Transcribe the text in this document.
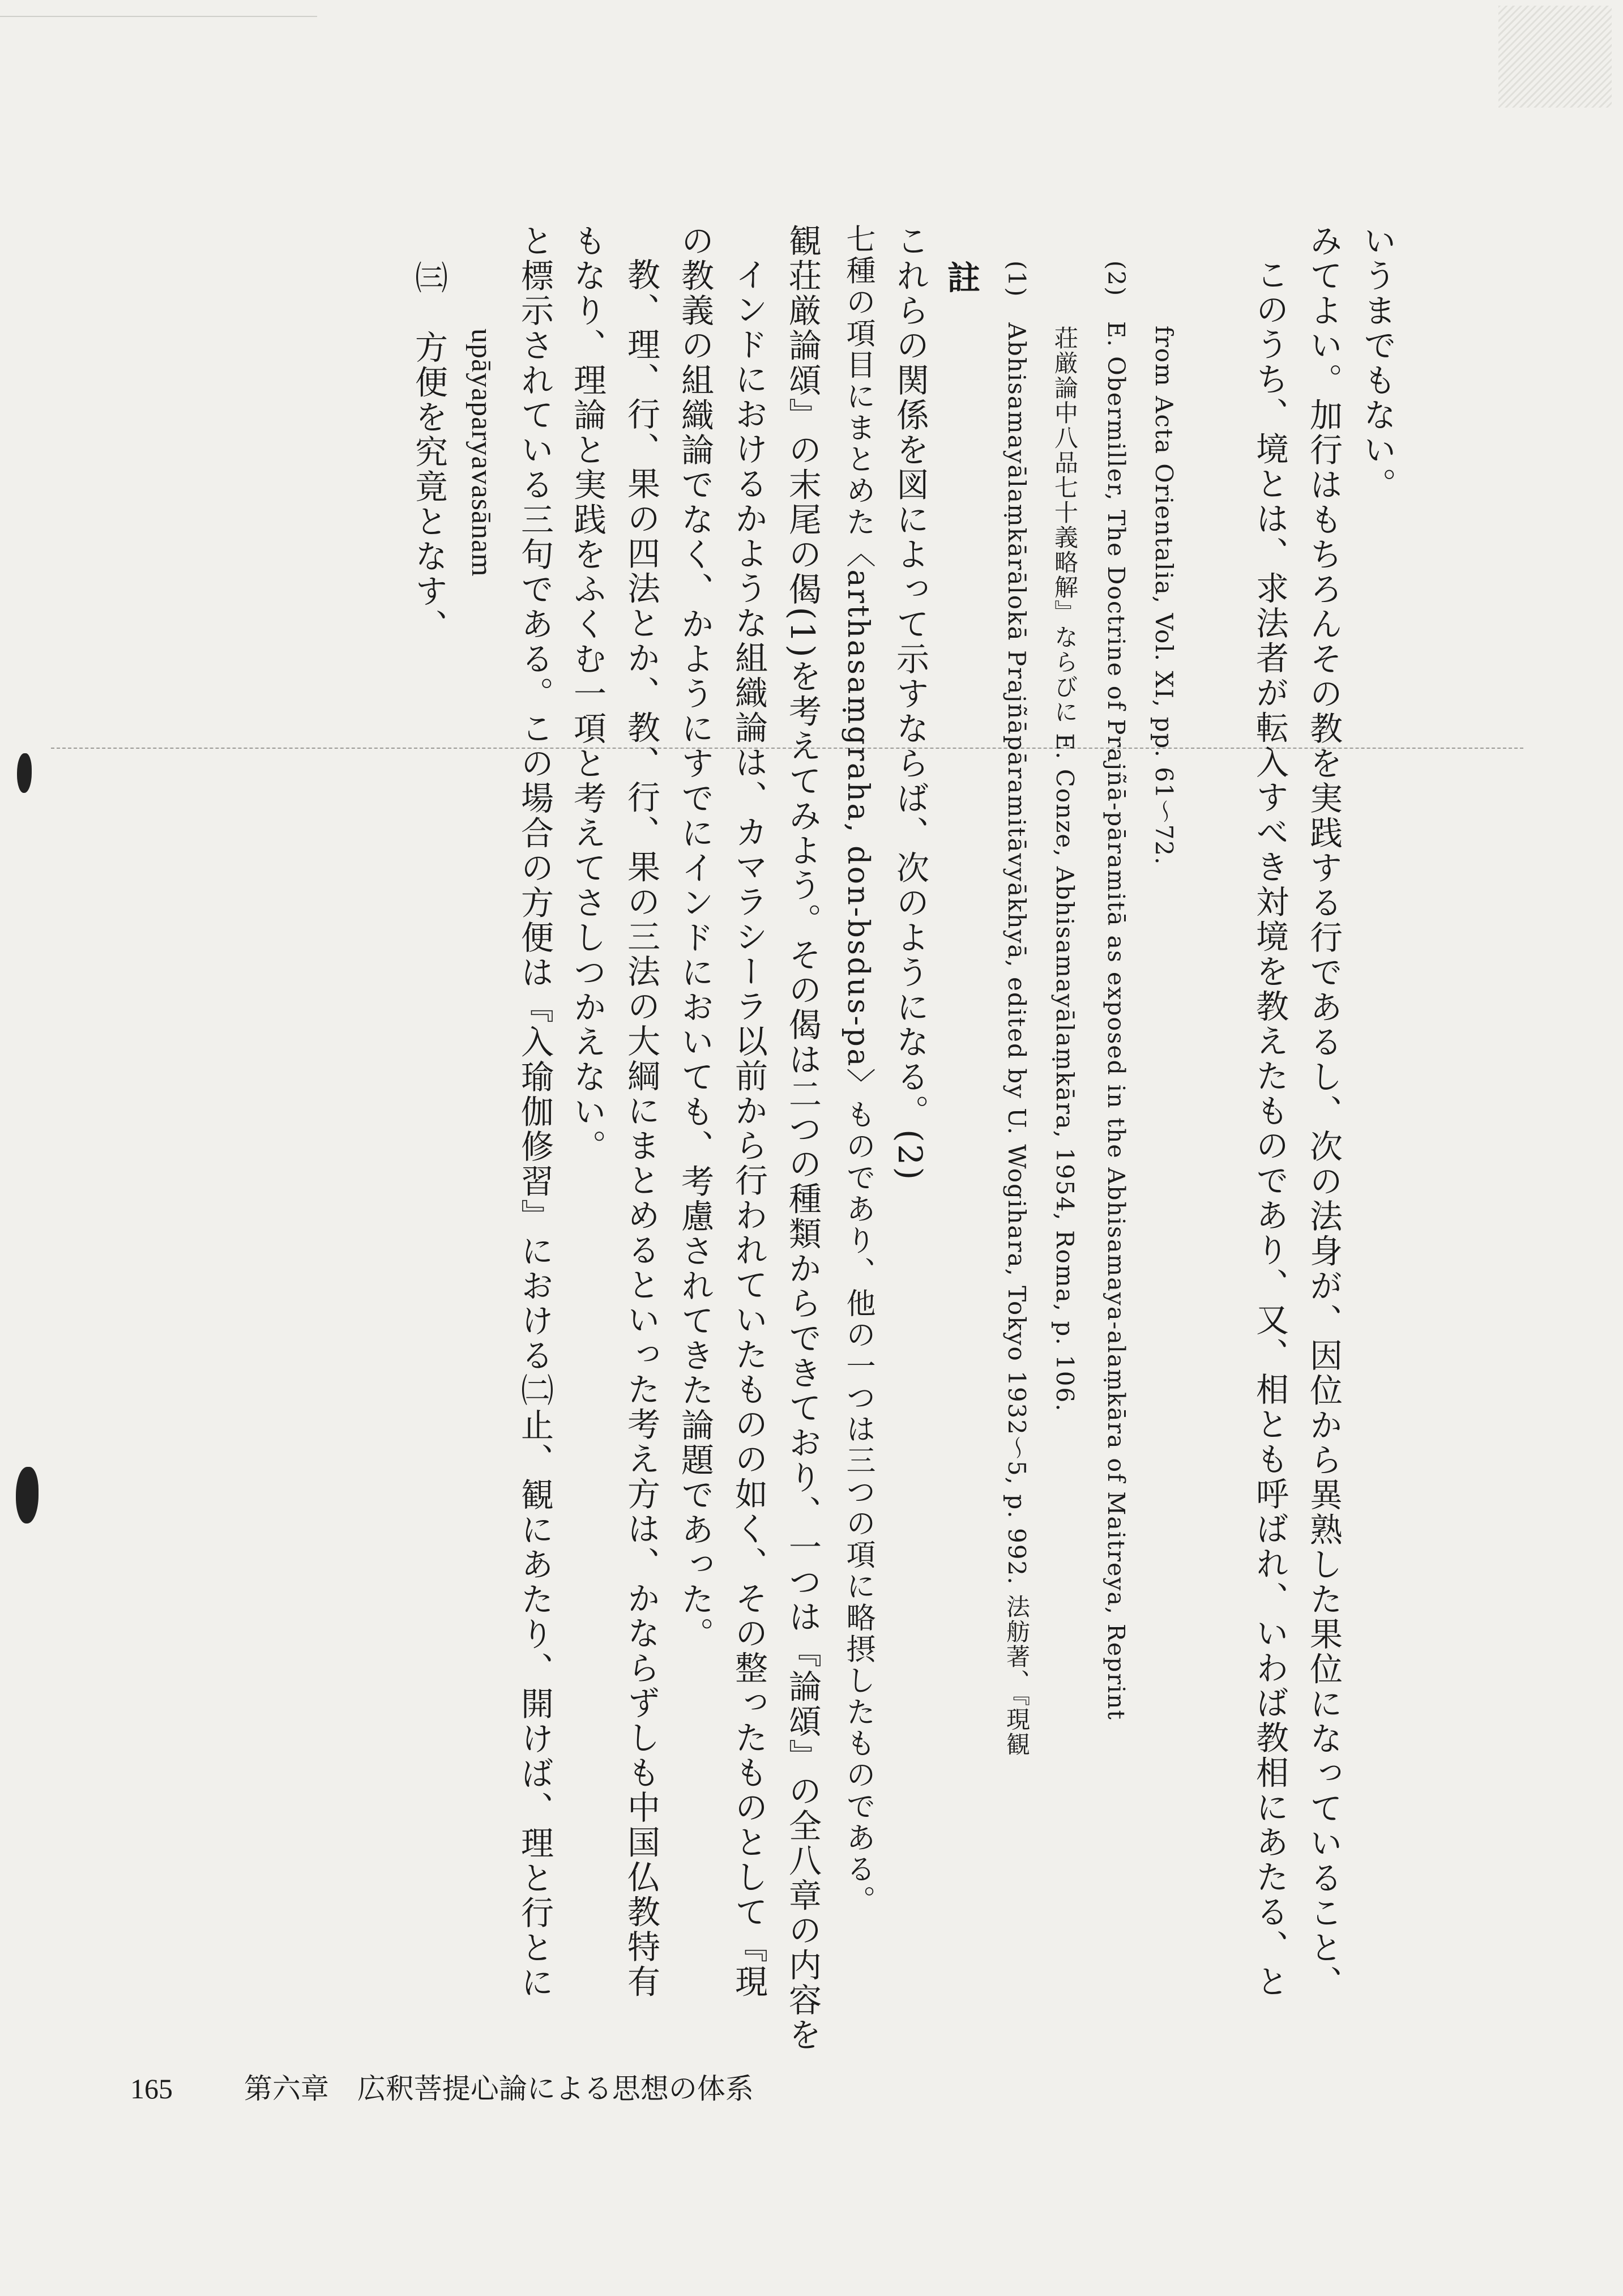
㈢　方便を究竟となす、 upāyaparyavasānam と標示されている三句である。この場合の方便は『入瑜伽修習』における㈡止、観にあたり、開けば、理と行とに もなり、理論と実践をふくむ一項と考えてさしつかえない。 教、理、行、果の四法とか、教、行、果の三法の大綱にまとめるといった考え方は、かならずしも中国仏教特有 の教義の組織論でなく、かようにすでにインドにおいても、考慮されてきた論題であった。 インドにおけるかような組織論は、カマラシーラ以前から行われていたものの如く、その整ったものとして『現 観荘厳論頌』の末尾の偈(1)を考えてみよう。その偈は二つの種類からできており、一つは『論頌』の全八章の内容を 七種の項目にまとめた〈arthasaṃgraha, don-bsdus-pa〉ものであり、他の一つは三つの項に略摂したものである。 これらの関係を図によって示すならば、次のようになる。(2) 註 (1)　Abhisamayālaṃkārālokā Prajñāpāramitāvyākhyā, edited by U. Wogihara, Tokyo 1932〜5, p. 992. 法舫著、『現観 荘厳論中八品七十義略解』ならびに E. Conze, Abhisamayālaṃkāra, 1954, Roma, p. 106. (2)　E. Obermiller, The Doctrine of Prajñā-pāramitā as exposed in the Abhisamaya-alaṃkāra of Maitreya, Reprint from Acta Orientalia, Vol. XI, pp. 61〜72. このうち、境とは、求法者が転入すべき対境を教えたものであり、又、相とも呼ばれ、いわば教相にあたる、と みてよい。加行はもちろんその教を実践する行であるし、次の法身が、因位から異熟した果位になっていること、 いうまでもない。
165	第六章　広釈菩提心論による思想の体系
